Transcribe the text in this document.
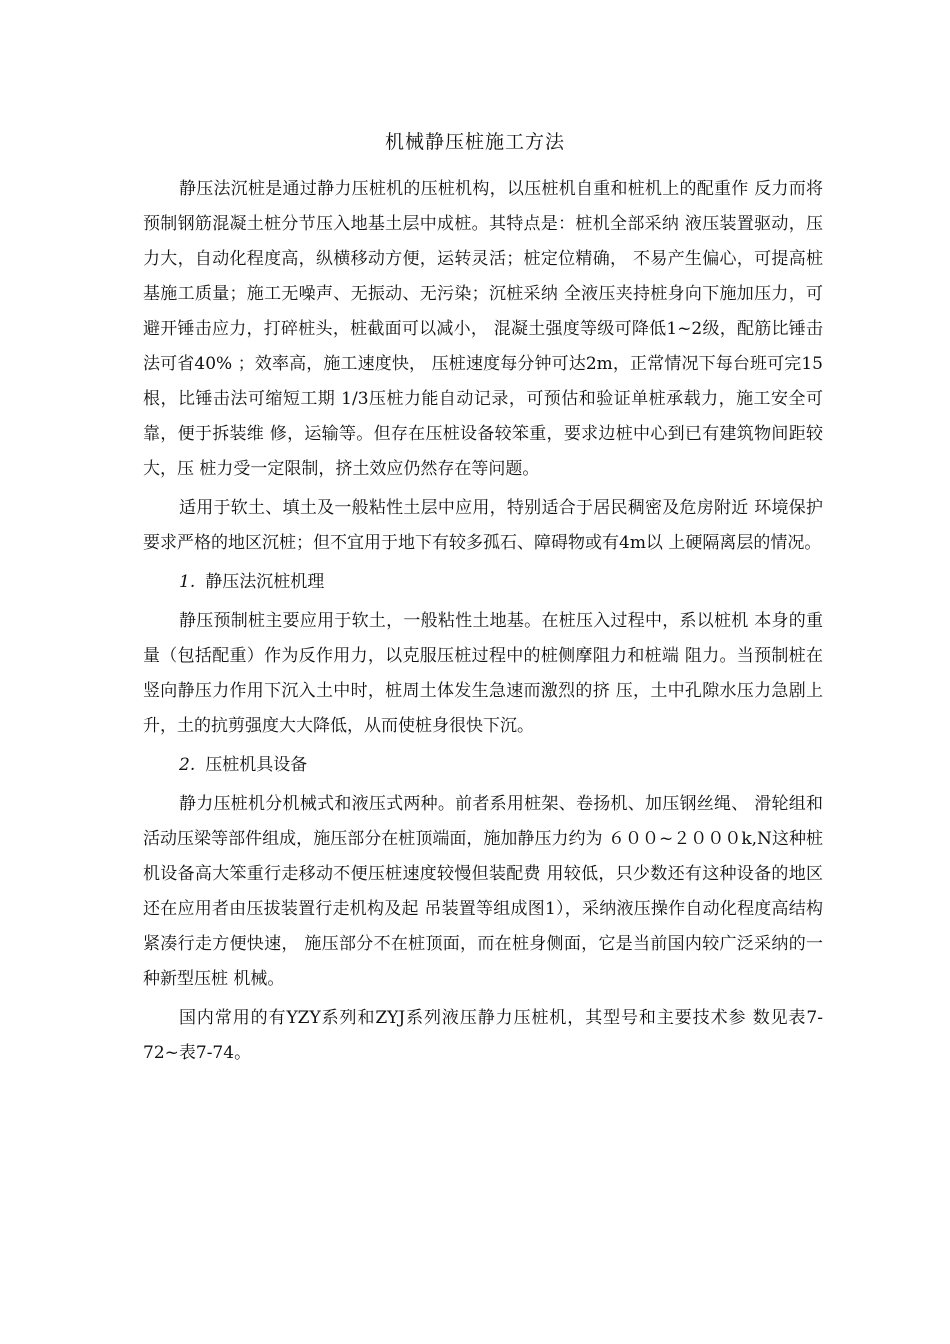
机械静压桩施工方法

静压法沉桩是通过静力压桩机的压桩机构，以压桩机自重和桩机上的配重作 反力而将预制钢筋混凝土桩分节压入地基土层中成桩。其特点是：桩机全部采纳 液压装置驱动，压力大，自动化程度高，纵横移动方便，运转灵活；桩定位精确， 不易产生偏心，可提高桩基施工质量；施工无噪声、无振动、无污染；沉桩采纳 全液压夹持桩身向下施加压力，可避开锤击应力，打碎桩头，桩截面可以减小， 混凝土强度等级可降低1~2级，配筋比锤击法可省40% ；效率高，施工速度快， 压桩速度每分钟可达2m，正常情况下每台班可完15根，比锤击法可缩短工期 1/3压桩力能自动记录，可预估和验证单桩承载力，施工安全可靠，便于拆装维 修，运输等。但存在压桩设备较笨重，要求边桩中心到已有建筑物间距较大，压 桩力受一定限制，挤土效应仍然存在等问题。

适用于软土、填土及一般粘性土层中应用，特别适合于居民稠密及危房附近 环境保护要求严格的地区沉桩；但不宜用于地下有较多孤石、障碍物或有4m以 上硬隔离层的情况。

1. 静压法沉桩机理

静压预制桩主要应用于软土，一般粘性土地基。在桩压入过程中，系以桩机 本身的重量（包括配重）作为反作用力，以克服压桩过程中的桩侧摩阻力和桩端 阻力。当预制桩在竖向静压力作用下沉入土中时，桩周土体发生急速而激烈的挤 压，土中孔隙水压力急剧上升，土的抗剪强度大大降低，从而使桩身很快下沉。

2. 压桩机具设备

静力压桩机分机械式和液压式两种。前者系用桩架、卷扬机、加压钢丝绳、 滑轮组和活动压梁等部件组成，施压部分在桩顶端面，施加静压力约为 ６００~２０００k,N这种桩机设备高大笨重行走移动不便压桩速度较慢但装配费 用较低，只少数还有这种设备的地区还在应用者由压拔装置行走机构及起 吊装置等组成图1），采纳液压操作自动化程度高结构紧凑行走方便快速， 施压部分不在桩顶面，而在桩身侧面，它是当前国内较广泛采纳的一种新型压桩 机械。

国内常用的有YZY系列和ZYJ系列液压静力压桩机，其型号和主要技术参 数见表7-72~表7-74。
